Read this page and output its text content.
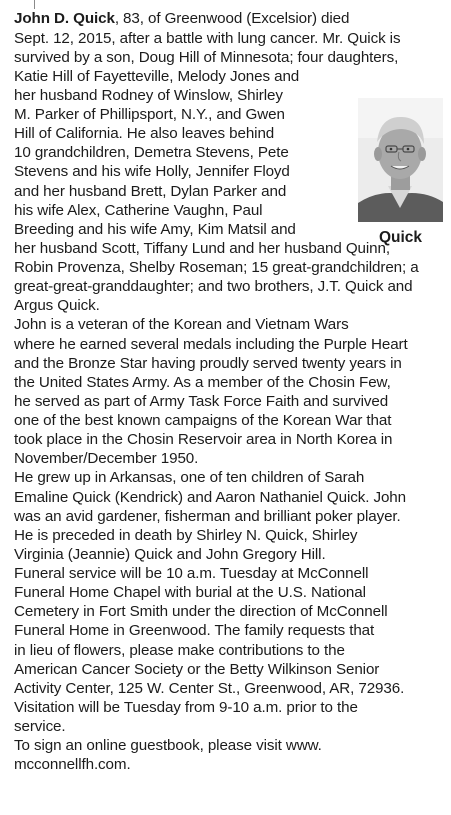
John D. Quick, 83, of Greenwood (Excelsior) died
Sept. 12, 2015, after a battle with lung cancer. Mr. Quick is
survived by a son, Doug Hill of Minnesota; four daughters,
Katie Hill of Fayetteville, Melody Jones and
her husband Rodney of Winslow, Shirley
M. Parker of Phillipsport, N.Y., and Gwen
Hill of California. He also leaves behind
10 grandchildren, Demetra Stevens, Pete
Stevens and his wife Holly, Jennifer Floyd
and her husband Brett, Dylan Parker and
his wife Alex, Catherine Vaughn, Paul
Breeding and his wife Amy, Kim Matsil and
her husband Scott, Tiffany Lund and her husband Quinn,
Robin Provenza, Shelby Roseman; 15 great-grandchildren; a
great-great-granddaughter; and two brothers, J.T. Quick and
Argus Quick.
John is a veteran of the Korean and Vietnam Wars
where he earned several medals including the Purple Heart
and the Bronze Star having proudly served twenty years in
the United States Army. As a member of the Chosin Few,
he served as part of Army Task Force Faith and survived
one of the best known campaigns of the Korean War that
took place in the Chosin Reservoir area in North Korea in
November/December 1950.
He grew up in Arkansas, one of ten children of Sarah
Emaline Quick (Kendrick) and Aaron Nathaniel Quick. John
was an avid gardener, fisherman and brilliant poker player.
He is preceded in death by Shirley N. Quick, Shirley
Virginia (Jeannie) Quick and John Gregory Hill.
Funeral service will be 10 a.m. Tuesday at McConnell
Funeral Home Chapel with burial at the U.S. National
Cemetery in Fort Smith under the direction of McConnell
Funeral Home in Greenwood. The family requests that
in lieu of flowers, please make contributions to the
American Cancer Society or the Betty Wilkinson Senior
Activity Center, 125 W. Center St., Greenwood, AR, 72936.
Visitation will be Tuesday from 9-10 a.m. prior to the
service.
To sign an online guestbook, please visit www.
mcconnellfh.com.
Quick
